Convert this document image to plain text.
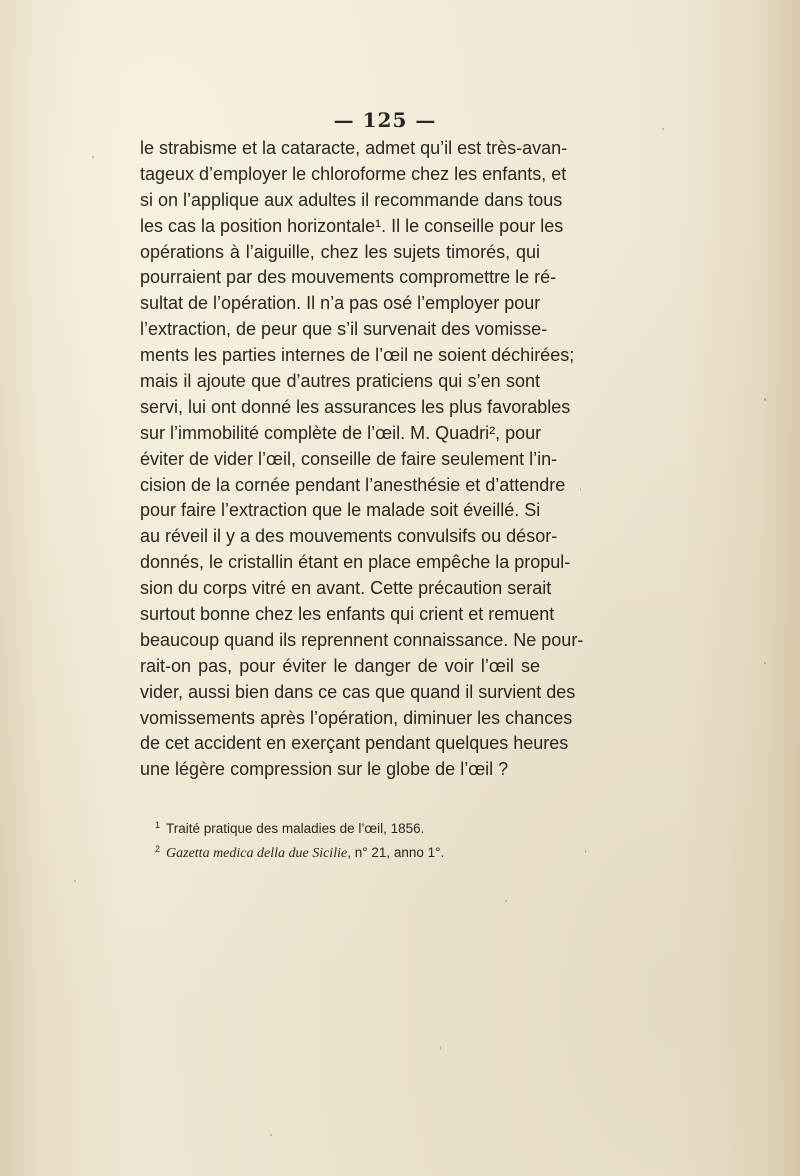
— 125 —
le strabisme et la cataracte, admet qu’il est très-avan-
tageux d’employer le chloroforme chez les enfants, et
si on l’applique aux adultes il recommande dans tous
les cas la position horizontale¹. Il le conseille pour les
opérations à l’aiguille, chez les sujets timorés, qui
pourraient par des mouvements compromettre le ré-
sultat de l’opération. Il n’a pas osé l’employer pour
l’extraction, de peur que s’il survenait des vomisse-
ments les parties internes de l’œil ne soient déchirées;
mais il ajoute que d’autres praticiens qui s’en sont
servi, lui ont donné les assurances les plus favorables
sur l’immobilité complète de l’œil. M. Quadri², pour
éviter de vider l’œil, conseille de faire seulement l’in-
cision de la cornée pendant l’anesthésie et d’attendre
pour faire l’extraction que le malade soit éveillé. Si
au réveil il y a des mouvements convulsifs ou désor-
donnés, le cristallin étant en place empêche la propul-
sion du corps vitré en avant. Cette précaution serait
surtout bonne chez les enfants qui crient et remuent
beaucoup quand ils reprennent connaissance. Ne pour-
rait-on pas, pour éviter le danger de voir l’œil se
vider, aussi bien dans ce cas que quand il survient des
vomissements après l’opération, diminuer les chances
de cet accident en exerçant pendant quelques heures
une légère compression sur le globe de l’œil ?
$^1$ Traité pratique des maladies de l’œil, 1856.
$^2$ Gazetta medica della due Sicilie, n° 21, anno 1°.
